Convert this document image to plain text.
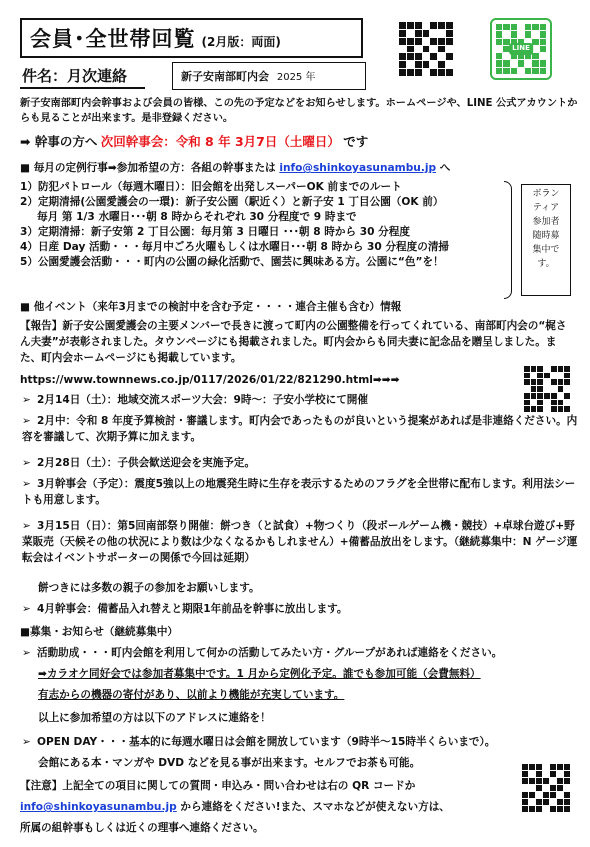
会員･全世帯回覧 (2月版：両面)
件名：月次連絡	新子安南部町内会 2025 年
LINE
新子安南部町内会幹事および会員の皆様、この先の予定などをお知らせします。ホームページや、LINE 公式アカウントからも見ることが出来ます。是非登録ください。
➡ 幹事の方へ 次回幹事会：令和 8 年 3月7日（土曜日） です
■ 毎月の定例行事➡参加希望の方：各組の幹事または info@shinkoyasunambu.jp へ
1）防犯パトロール（毎週木曜日）：旧会館を出発しスーパーOK 前までのルート
2）定期清掃(公園愛護会の一環)：新子安公園（駅近く）と新子安 1 丁目公園（OK 前）
毎月 第 1/3 水曜日･･･朝 8 時からそれぞれ 30 分程度で 9 時まで
3）定期清掃：新子安第 2 丁目公園：毎月第 3 日曜日 ･･･朝 8 時から 30 分程度
4）日産 Day 活動・・・毎月中ごろ火曜もしくは水曜日･･･朝 8 時から 30 分程度の清掃
5）公園愛護会活動・・・町内の公園の緑化活動で、園芸に興味ある方。公園に“色”を！
ボラン
ティア
参加者
随時募
集中で
す。
■ 他イベント（来年3月までの検討中を含む予定・・・・連合主催も含む）情報
【報告】新子安公園愛護会の主要メンバーで長きに渡って町内の公園整備を行ってくれている、南部町内会の“梶さん夫妻”が表彰されました。タウンページにも掲載されました。町内会からも同夫妻に記念品を贈呈しました。また、町内会ホームページにも掲載しています。
https://www.townnews.co.jp/0117/2026/01/22/821290.html➡➡➡
➢ 2月14日（土）：地域交流スポーツ大会：9時～：子安小学校にて開催
➢ 2月中：令和 8 年度予算検討・審議します。町内会であったものが良いという提案があれば是非連絡ください。内容を審議して、次期予算に加えます。
➢ 2月28日（土）：子供会歓送迎会を実施予定。
➢ 3月幹事会（予定）：震度5強以上の地震発生時に生存を表示するためのフラグを全世帯に配布します。利用法シートも用意します。
➢ 3月15日（日）：第5回南部祭り開催：餅つき（と試食）+物つくり（段ボールゲーム機・競技）+卓球台遊び+野菜販売（天候その他の状況により数は少なくなるかもしれません）+備蓄品放出をします。（継続募集中：N ゲージ運転会はイベントサポーターの関係で今回は延期）
餅つきには多数の親子の参加をお願いします。
➢ 4月幹事会：備蓄品入れ替えと期限1年前品を幹事に放出します。
■募集・お知らせ（継続募集中）
➢ 活動助成・・・町内会館を利用して何かの活動してみたい方・グループがあれば連絡をください。
➡カラオケ同好会では参加者募集中です。1 月から定例化予定。誰でも参加可能（会費無料）
有志からの機器の寄付があり、以前より機能が充実しています。
以上に参加希望の方は以下のアドレスに連絡を！
➢ OPEN DAY・・・基本的に毎週水曜日は会館を開放しています（9時半～15時半くらいまで）。
会館にある本・マンガや DVD などを見る事が出来ます。セルフでお茶も可能。
【注意】上記全ての項目に関しての質問・申込み・問い合わせは右の QR コードか
info@shinkoyasunambu.jp から連絡をください!また、スマホなどが使えない方は、
所属の組幹事もしくは近くの理事へ連絡ください。
